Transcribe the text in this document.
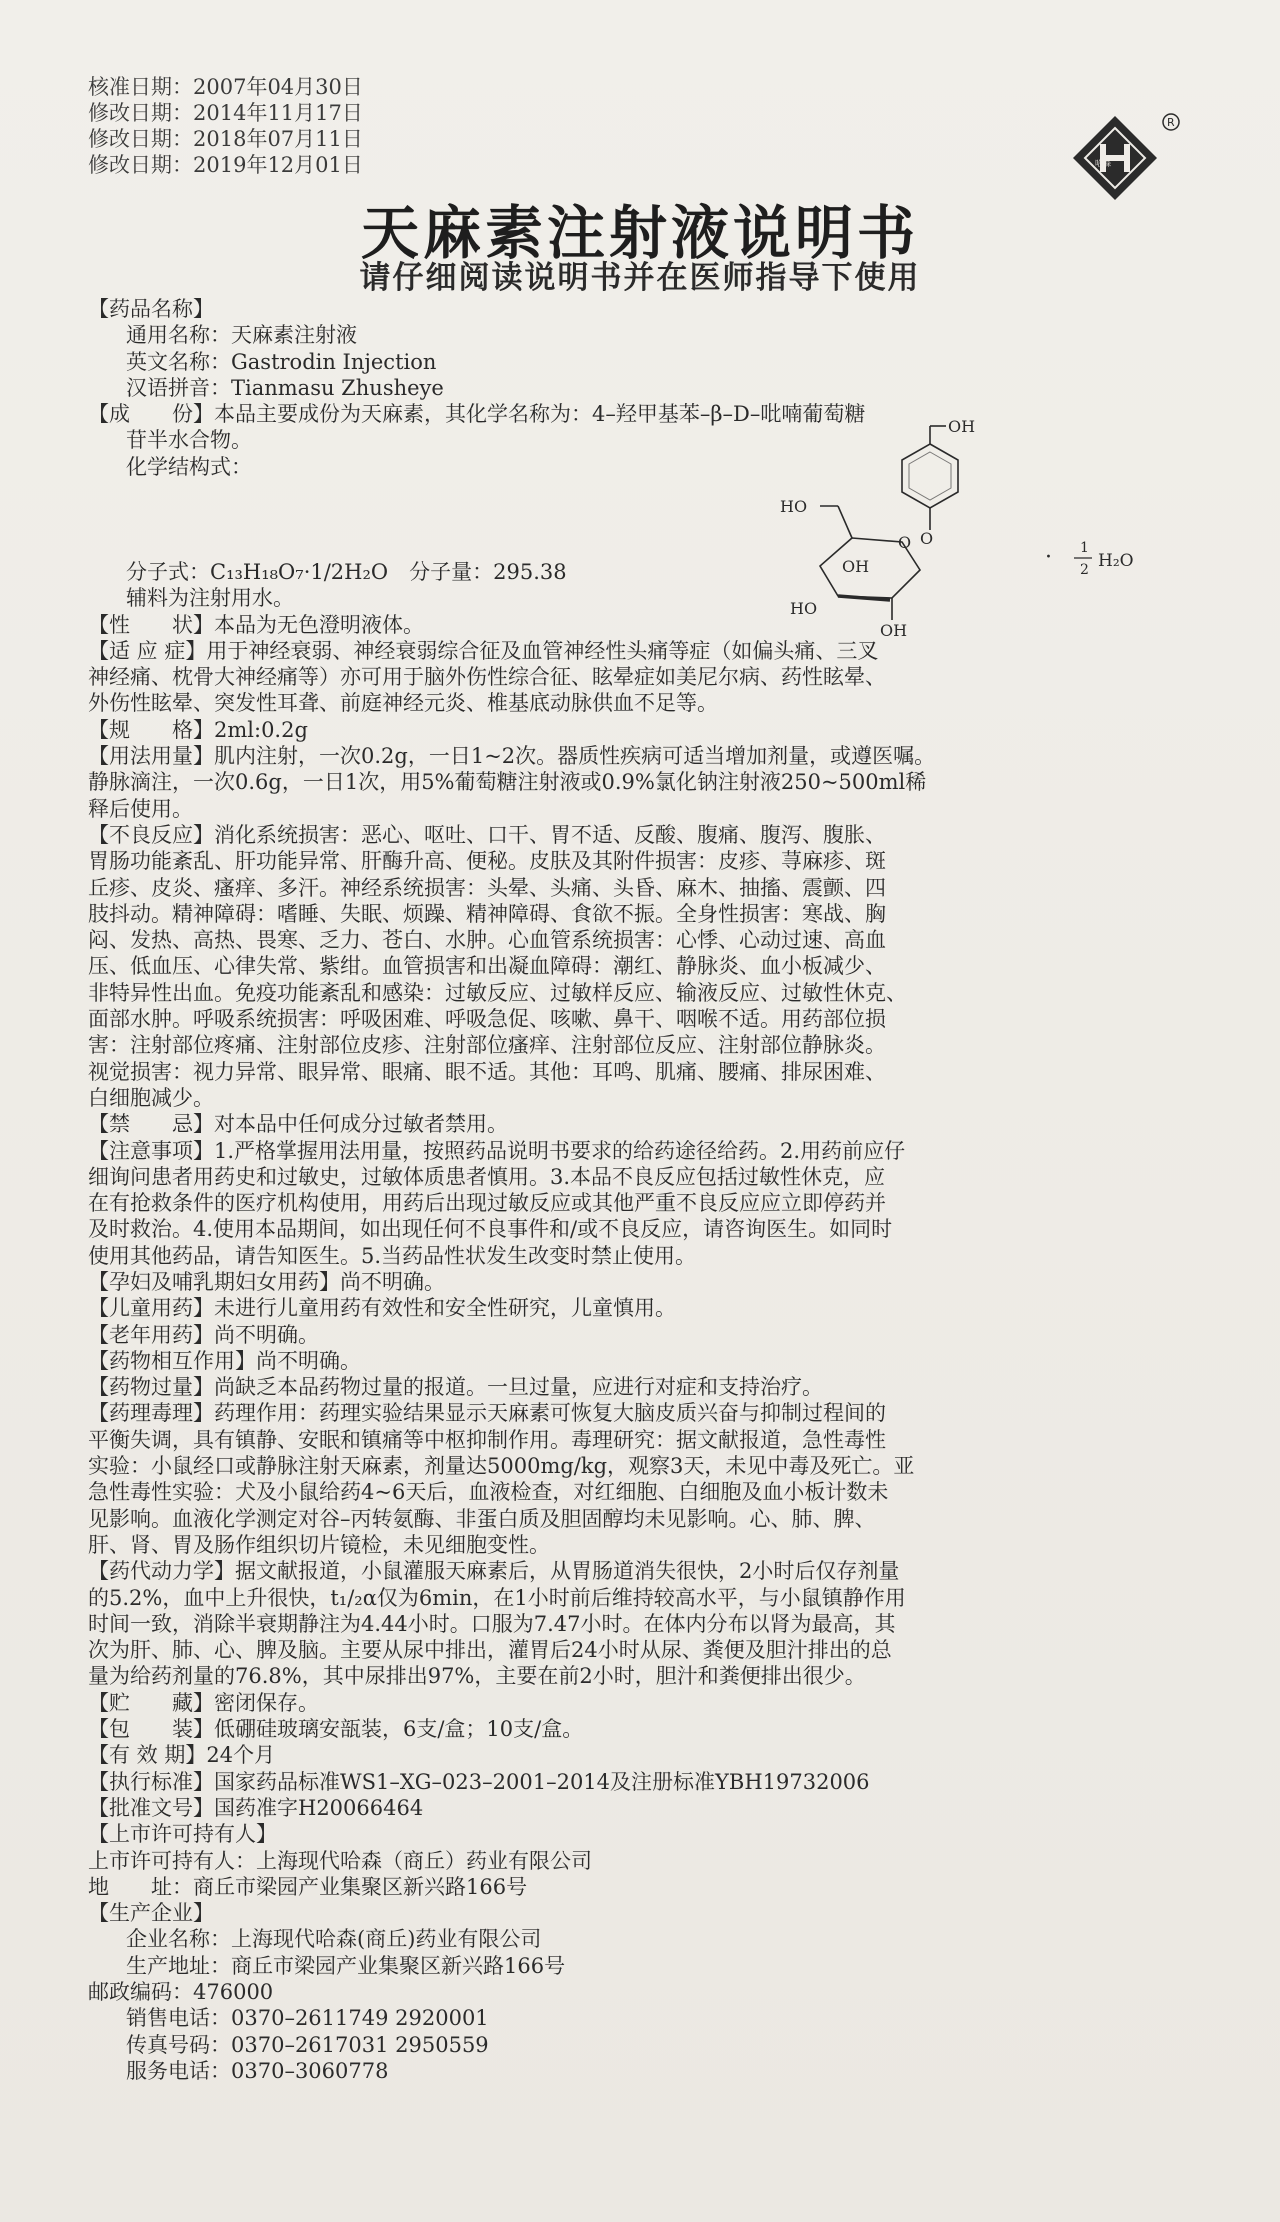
核准日期：2007年04月30日
修改日期：2014年11月17日
修改日期：2018年07月11日
修改日期：2019年12月01日	哈森
R
天麻素注射液说明书
请仔细阅读说明书并在医师指导下使用
OH
O
O
HO
OH
HO
OH
· 1
2 H₂O
【药品名称】
通用名称：天麻素注射液
英文名称：Gastrodin Injection
汉语拼音：Tianmasu Zhusheye
【成　　份】本品主要成份为天麻素，其化学名称为：4–羟甲基苯–β–D–吡喃葡萄糖
苷半水合物。
化学结构式：

分子式：C₁₃H₁₈O₇·1/2H₂O　分子量：295.38
辅料为注射用水。
【性　　状】本品为无色澄明液体。
【适 应 症】用于神经衰弱、神经衰弱综合征及血管神经性头痛等症（如偏头痛、三叉
神经痛、枕骨大神经痛等）亦可用于脑外伤性综合征、眩晕症如美尼尔病、药性眩晕、
外伤性眩晕、突发性耳聋、前庭神经元炎、椎基底动脉供血不足等。
【规　　格】2ml:0.2g
【用法用量】肌内注射，一次0.2g，一日1~2次。器质性疾病可适当增加剂量，或遵医嘱。
静脉滴注，一次0.6g，一日1次，用5%葡萄糖注射液或0.9%氯化钠注射液250~500ml稀
释后使用。
【不良反应】消化系统损害：恶心、呕吐、口干、胃不适、反酸、腹痛、腹泻、腹胀、
胃肠功能紊乱、肝功能异常、肝酶升高、便秘。皮肤及其附件损害：皮疹、荨麻疹、斑
丘疹、皮炎、瘙痒、多汗。神经系统损害：头晕、头痛、头昏、麻木、抽搐、震颤、四
肢抖动。精神障碍：嗜睡、失眠、烦躁、精神障碍、食欲不振。全身性损害：寒战、胸
闷、发热、高热、畏寒、乏力、苍白、水肿。心血管系统损害：心悸、心动过速、高血
压、低血压、心律失常、紫绀。血管损害和出凝血障碍：潮红、静脉炎、血小板减少、
非特异性出血。免疫功能紊乱和感染：过敏反应、过敏样反应、输液反应、过敏性休克、
面部水肿。呼吸系统损害：呼吸困难、呼吸急促、咳嗽、鼻干、咽喉不适。用药部位损
害：注射部位疼痛、注射部位皮疹、注射部位瘙痒、注射部位反应、注射部位静脉炎。
视觉损害：视力异常、眼异常、眼痛、眼不适。其他：耳鸣、肌痛、腰痛、排尿困难、
白细胞减少。
【禁　　忌】对本品中任何成分过敏者禁用。
【注意事项】1.严格掌握用法用量，按照药品说明书要求的给药途径给药。2.用药前应仔
细询问患者用药史和过敏史，过敏体质患者慎用。3.本品不良反应包括过敏性休克，应
在有抢救条件的医疗机构使用，用药后出现过敏反应或其他严重不良反应应立即停药并
及时救治。4.使用本品期间，如出现任何不良事件和/或不良反应，请咨询医生。如同时
使用其他药品，请告知医生。5.当药品性状发生改变时禁止使用。
【孕妇及哺乳期妇女用药】尚不明确。
【儿童用药】未进行儿童用药有效性和安全性研究，儿童慎用。
【老年用药】尚不明确。
【药物相互作用】尚不明确。
【药物过量】尚缺乏本品药物过量的报道。一旦过量，应进行对症和支持治疗。
【药理毒理】药理作用：药理实验结果显示天麻素可恢复大脑皮质兴奋与抑制过程间的
平衡失调，具有镇静、安眠和镇痛等中枢抑制作用。毒理研究：据文献报道，急性毒性
实验：小鼠经口或静脉注射天麻素，剂量达5000mg/kg，观察3天，未见中毒及死亡。亚
急性毒性实验：犬及小鼠给药4~6天后，血液检查，对红细胞、白细胞及血小板计数未
见影响。血液化学测定对谷–丙转氨酶、非蛋白质及胆固醇均未见影响。心、肺、脾、
肝、肾、胃及肠作组织切片镜检，未见细胞变性。
【药代动力学】据文献报道，小鼠灌服天麻素后，从胃肠道消失很快，2小时后仅存剂量
的5.2%，血中上升很快，t₁/₂α仅为6min，在1小时前后维持较高水平，与小鼠镇静作用
时间一致，消除半衰期静注为4.44小时。口服为7.47小时。在体内分布以肾为最高，其
次为肝、肺、心、脾及脑。主要从尿中排出，灌胃后24小时从尿、粪便及胆汁排出的总
量为给药剂量的76.8%，其中尿排出97%，主要在前2小时，胆汁和粪便排出很少。
【贮　　藏】密闭保存。
【包　　装】低硼硅玻璃安瓿装，6支/盒；10支/盒。
【有 效 期】24个月
【执行标准】国家药品标准WS1–XG–023–2001–2014及注册标准YBH19732006
【批准文号】国药准字H20066464
【上市许可持有人】
上市许可持有人：上海现代哈森（商丘）药业有限公司
地　　址：商丘市梁园产业集聚区新兴路166号
【生产企业】
企业名称：上海现代哈森(商丘)药业有限公司
生产地址：商丘市梁园产业集聚区新兴路166号
邮政编码：476000
销售电话：0370–2611749 2920001
传真号码：0370–2617031 2950559
服务电话：0370–3060778
